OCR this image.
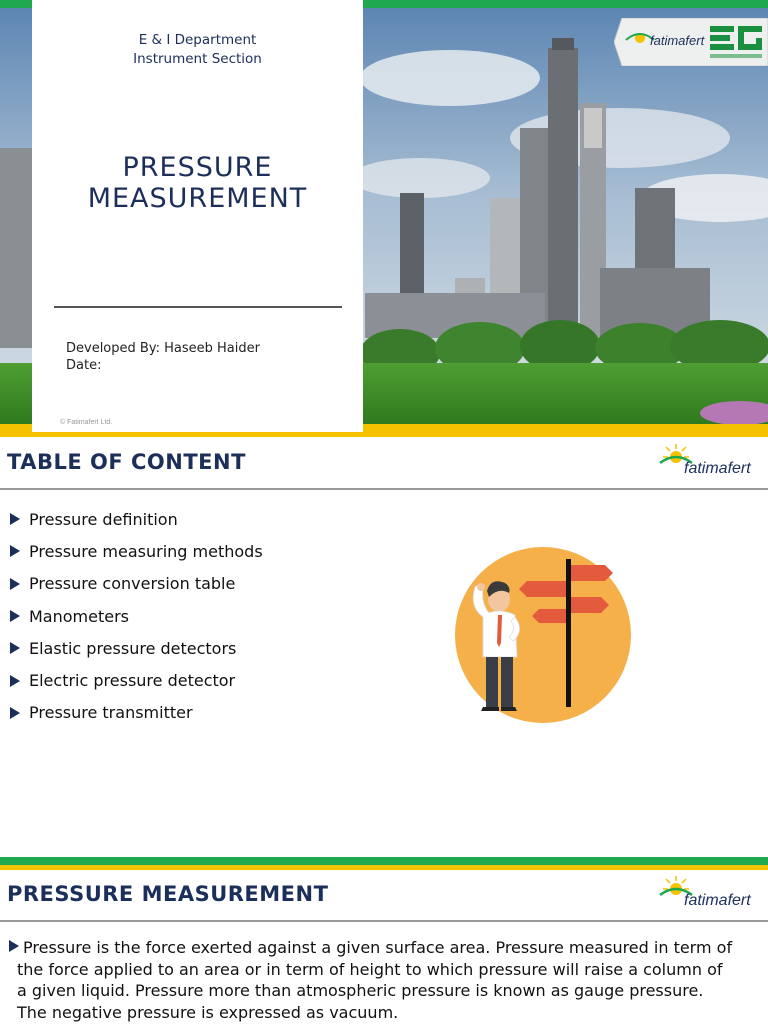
E & I Department
Instrument Section
PRESSURE
MEASUREMENT
Developed By: Haseeb Haider
Date:
© Fatimafert Ltd.
fatimafert
TABLE OF CONTENT	fatimafert
Pressure definition
Pressure measuring methods
Pressure conversion table
Manometers
Elastic pressure detectors
Electric pressure detector
Pressure transmitter
PRESSURE MEASUREMENT	fatimafert
Pressure is the force exerted against a given surface area. Pressure measured in term of the force applied to an area or in term of height to which pressure will raise a column of a given liquid. Pressure more than atmospheric pressure is known as gauge pressure. The negative pressure is expressed as vacuum.
